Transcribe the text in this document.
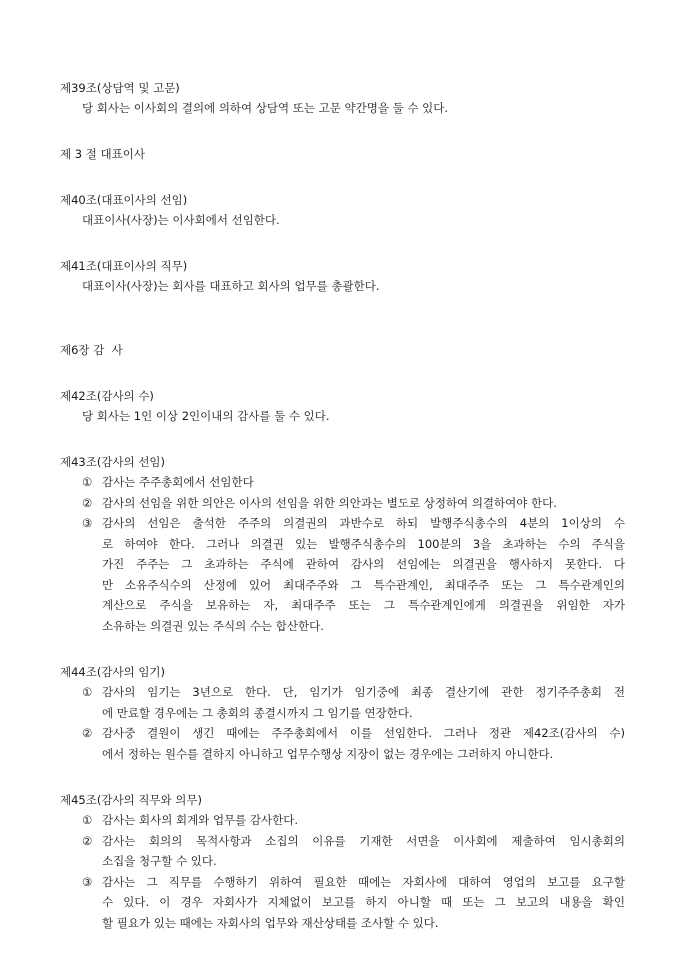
제39조(상담역 및 고문)
당 회사는 이사회의 결의에 의하여 상담역 또는 고문 약간명을 둘 수 있다.
제 3 절 대표이사
제40조(대표이사의 선임)
대표이사(사장)는 이사회에서 선임한다.
제41조(대표이사의 직무)
대표이사(사장)는 회사를 대표하고 회사의 업무를 총괄한다.
제6장 감  사
제42조(감사의 수)
당 회사는 1인 이상 2인이내의 감사를 둘 수 있다.
제43조(감사의 선임)
① 감사는 주주총회에서 선임한다
② 감사의 선임을 위한 의안은 이사의 선임을 위한 의안과는 별도로 상정하여 의결하여야 한다.
③ 감사의 선임은 출석한 주주의 의결권의 과반수로 하되 발행주식총수의 4분의 1이상의 수
로 하여야 한다. 그러나 의결권 있는 발행주식총수의 100분의 3을 초과하는 수의 주식을
가진 주주는 그 초과하는 주식에 관하여 감사의 선임에는 의결권을 행사하지 못한다. 다
만 소유주식수의 산정에 있어 최대주주와 그 특수관계인, 최대주주 또는 그 특수관계인의
계산으로 주식을 보유하는 자, 최대주주 또는 그 특수관계인에게 의결권을 위임한 자가
소유하는 의결권 있는 주식의 수는 합산한다.
제44조(감사의 임기)
① 감사의 임기는 3년으로 한다. 단, 임기가 임기중에 최종 결산기에 관한 정기주주총회 전
에 만료할 경우에는 그 총회의 종결시까지 그 임기를 연장한다.
② 감사중 결원이 생긴 때에는 주주총회에서 이를 선임한다. 그러나 정관 제42조(감사의 수)
에서 정하는 원수를 결하지 아니하고 업무수행상 지장이 없는 경우에는 그러하지 아니한다.
제45조(감사의 직무와 의무)
① 감사는 회사의 회계와 업무를 감사한다.
② 감사는 회의의 목적사항과 소집의 이유를 기재한 서면을 이사회에 제출하여 임시총회의
소집을 청구할 수 있다.
③ 감사는 그 직무를 수행하기 위하여 필요한 때에는 자회사에 대하여 영업의 보고를 요구할
수 있다. 이 경우 자회사가 지체없이 보고를 하지 아니할 때 또는 그 보고의 내용을 확인
할 필요가 있는 때에는 자회사의 업무와 재산상태를 조사할 수 있다.
